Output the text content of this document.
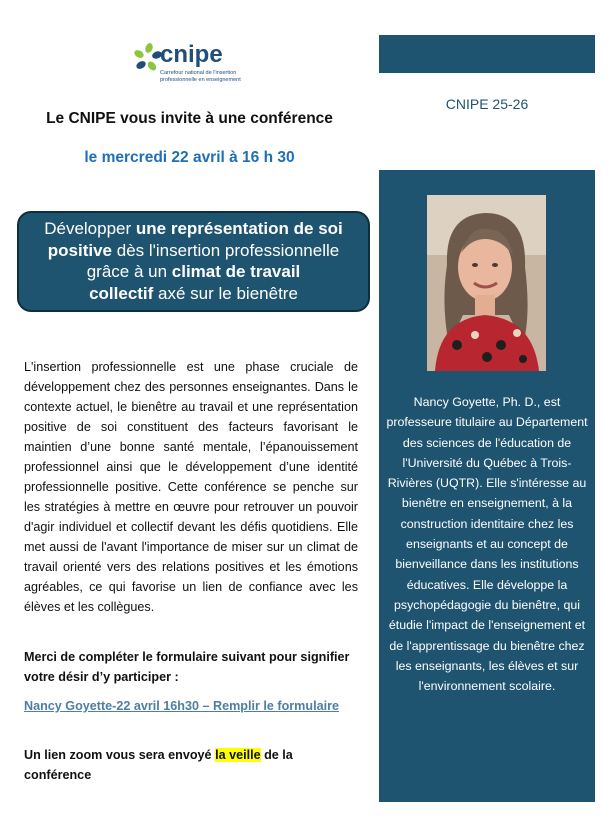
cnipe
Carrefour national de l'insertion
professionnelle en enseignement
Le CNIPE vous invite à une conférence
le mercredi 22 avril à 16 h 30
Développer une représentation de soi
positive dès l'insertion professionnelle
grâce à un climat de travail
collectif axé sur le bienêtre
L'insertion professionnelle est une phase cruciale de développement chez des personnes enseignantes. Dans le contexte actuel, le bienêtre au travail et une représentation positive de soi constituent des facteurs favorisant le maintien d’une bonne santé mentale, l’épanouissement professionnel ainsi que le développement d’une identité professionnelle positive. Cette conférence se penche sur les stratégies à mettre en œuvre pour retrouver un pouvoir d'agir individuel et collectif devant les défis quotidiens. Elle met aussi de l'avant l'importance de miser sur un climat de travail orienté vers des relations positives et les émotions agréables, ce qui favorise un lien de confiance avec les élèves et les collègues.
Merci de compléter le formulaire suivant pour signifier votre désir d’y participer :
Nancy Goyette-22 avril 16h30 – Remplir le formulaire
Un lien zoom vous sera envoyé la veille de la conférence
CNIPE 25-26
Nancy Goyette, Ph. D., est professeure titulaire au Département des sciences de l'éducation de l'Université du Québec à Trois-Rivières (UQTR). Elle s'intéresse au bienêtre en enseignement, à la construction identitaire chez les enseignants et au concept de bienveillance dans les institutions éducatives. Elle développe la psychopédagogie du bienêtre, qui étudie l'impact de l'enseignement et de l'apprentissage du bienêtre chez les enseignants, les élèves et sur l'environnement scolaire.
